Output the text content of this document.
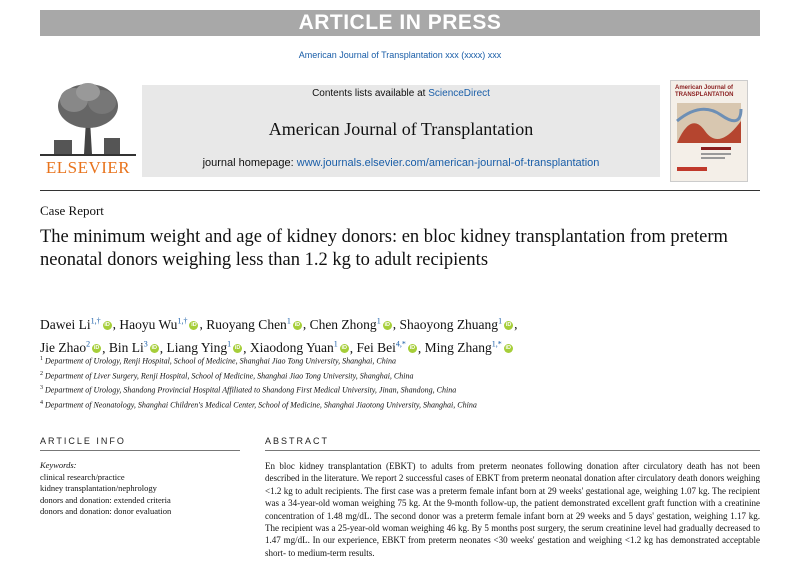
ARTICLE IN PRESS
American Journal of Transplantation xxx (xxxx) xxx
ELSEVIER
Contents lists available at ScienceDirect
American Journal of Transplantation
journal homepage: www.journals.elsevier.com/american-journal-of-transplantation
American Journal of TRANSPLANTATION
Case Report
The minimum weight and age of kidney donors: en bloc kidney transplantation from preterm neonatal donors weighing less than 1.2 kg to adult recipients
Dawei $Li^{1,\dagger}$ iD , Haoyu $Wu^{1,\dagger}$ iD , Ruoyang Chen$^1$ iD , Chen Zhong$^1$ iD , Shaoyong Zhuang$^1$ iD ,
Jie Zhao$^2$ iD , Bin Li$^3$ iD , Liang Ying$^1$ iD , Xiaodong Yuan$^1$ iD , Fei Bei$^{4,*}$ iD , Ming Zhang$^{1,*}$ iD
$^1$ Department of Urology, Renji Hospital, School of Medicine, Shanghai Jiao Tong University, Shanghai, China
$^2$ Department of Liver Surgery, Renji Hospital, School of Medicine, Shanghai Jiao Tong University, Shanghai, China
$^3$ Department of Urology, Shandong Provincial Hospital Affiliated to Shandong First Medical University, Jinan, Shandong, China
$^4$ Department of Neonatology, Shanghai Children's Medical Center, School of Medicine, Shanghai Jiaotong University, Shanghai, China
ARTICLE INFO	ABSTRACT
Keywords:
clinical research/practice
kidney transplantation/nephrology
donors and donation: extended criteria
donors and donation: donor evaluation
En bloc kidney transplantation (EBKT) to adults from preterm neonates following donation after circulatory death has not been described in the literature. We report 2 successful cases of EBKT from preterm neonatal donation after circulatory death donors weighing <1.2 kg to adult recipients. The first case was a preterm female infant born at 29 weeks' gestational age, weighing 1.07 kg. The recipient was a 34-year-old woman weighing 75 kg. At the 9-month follow-up, the patient demonstrated excellent graft function with a creatinine concentration of 1.48 mg/dL. The second donor was a preterm female infant born at 29 weeks and 5 days' gestation, weighing 1.17 kg. The recipient was a 25-year-old woman weighing 46 kg. By 5 months post surgery, the serum creatinine level had gradually decreased to 1.47 mg/dL. In our experience, EBKT from preterm neonates <30 weeks' gestation and weighing <1.2 kg has demonstrated acceptable short- to medium-term results.
